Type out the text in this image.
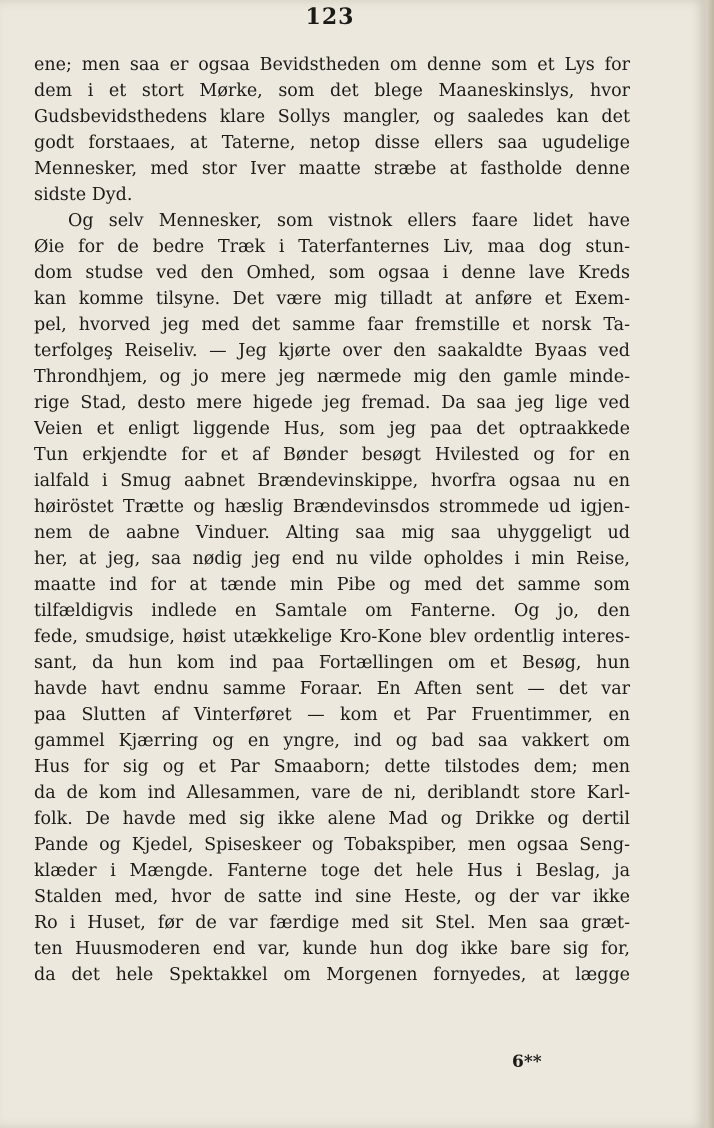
123
ene; men saa er ogsaa Bevidstheden om denne som et Lys for
dem i et stort Mørke, som det blege Maaneskinslys, hvor
Gudsbevidsthedens klare Sollys mangler, og saaledes kan det
godt forstaaes, at Taterne, netop disse ellers saa ugudelige
Mennesker, med stor Iver maatte stræbe at fastholde denne
sidste Dyd.
Og selv Mennesker, som vistnok ellers faare lidet have
Øie for de bedre Træk i Taterfanternes Liv, maa dog stun-
dom studse ved den Omhed, som ogsaa i denne lave Kreds
kan komme tilsyne. Det være mig tilladt at anføre et Exem-
pel, hvorved jeg med det samme faar fremstille et norsk Ta-
terfolgeş Reiseliv. — Jeg kjørte over den saakaldte Byaas ved
Throndhjem, og jo mere jeg nærmede mig den gamle minde-
rige Stad, desto mere higede jeg fremad. Da saa jeg lige ved
Veien et enligt liggende Hus, som jeg paa det optraakkede
Tun erkjendte for et af Bønder besøgt Hvilested og for en
ialfald i Smug aabnet Brændevinskippe, hvorfra ogsaa nu en
høiröstet Trætte og hæslig Brændevinsdos strommede ud igjen-
nem de aabne Vinduer. Alting saa mig saa uhyggeligt ud
her, at jeg, saa nødig jeg end nu vilde opholdes i min Reise,
maatte ind for at tænde min Pibe og med det samme som
tilfældigvis indlede en Samtale om Fanterne. Og jo, den
fede, smudsige, høist utækkelige Kro-Kone blev ordentlig interes-
sant, da hun kom ind paa Fortællingen om et Besøg, hun
havde havt endnu samme Foraar. En Aften sent — det var
paa Slutten af Vinterføret — kom et Par Fruentimmer, en
gammel Kjærring og en yngre, ind og bad saa vakkert om
Hus for sig og et Par Smaaborn; dette tilstodes dem; men
da de kom ind Allesammen, vare de ni, deriblandt store Karl-
folk. De havde med sig ikke alene Mad og Drikke og dertil
Pande og Kjedel, Spiseskeer og Tobakspiber, men ogsaa Seng-
klæder i Mængde. Fanterne toge det hele Hus i Beslag, ja
Stalden med, hvor de satte ind sine Heste, og der var ikke
Ro i Huset, før de var færdige med sit Stel. Men saa græt-
ten Huusmoderen end var, kunde hun dog ikke bare sig for,
da det hele Spektakkel om Morgenen fornyedes, at lægge
6**
